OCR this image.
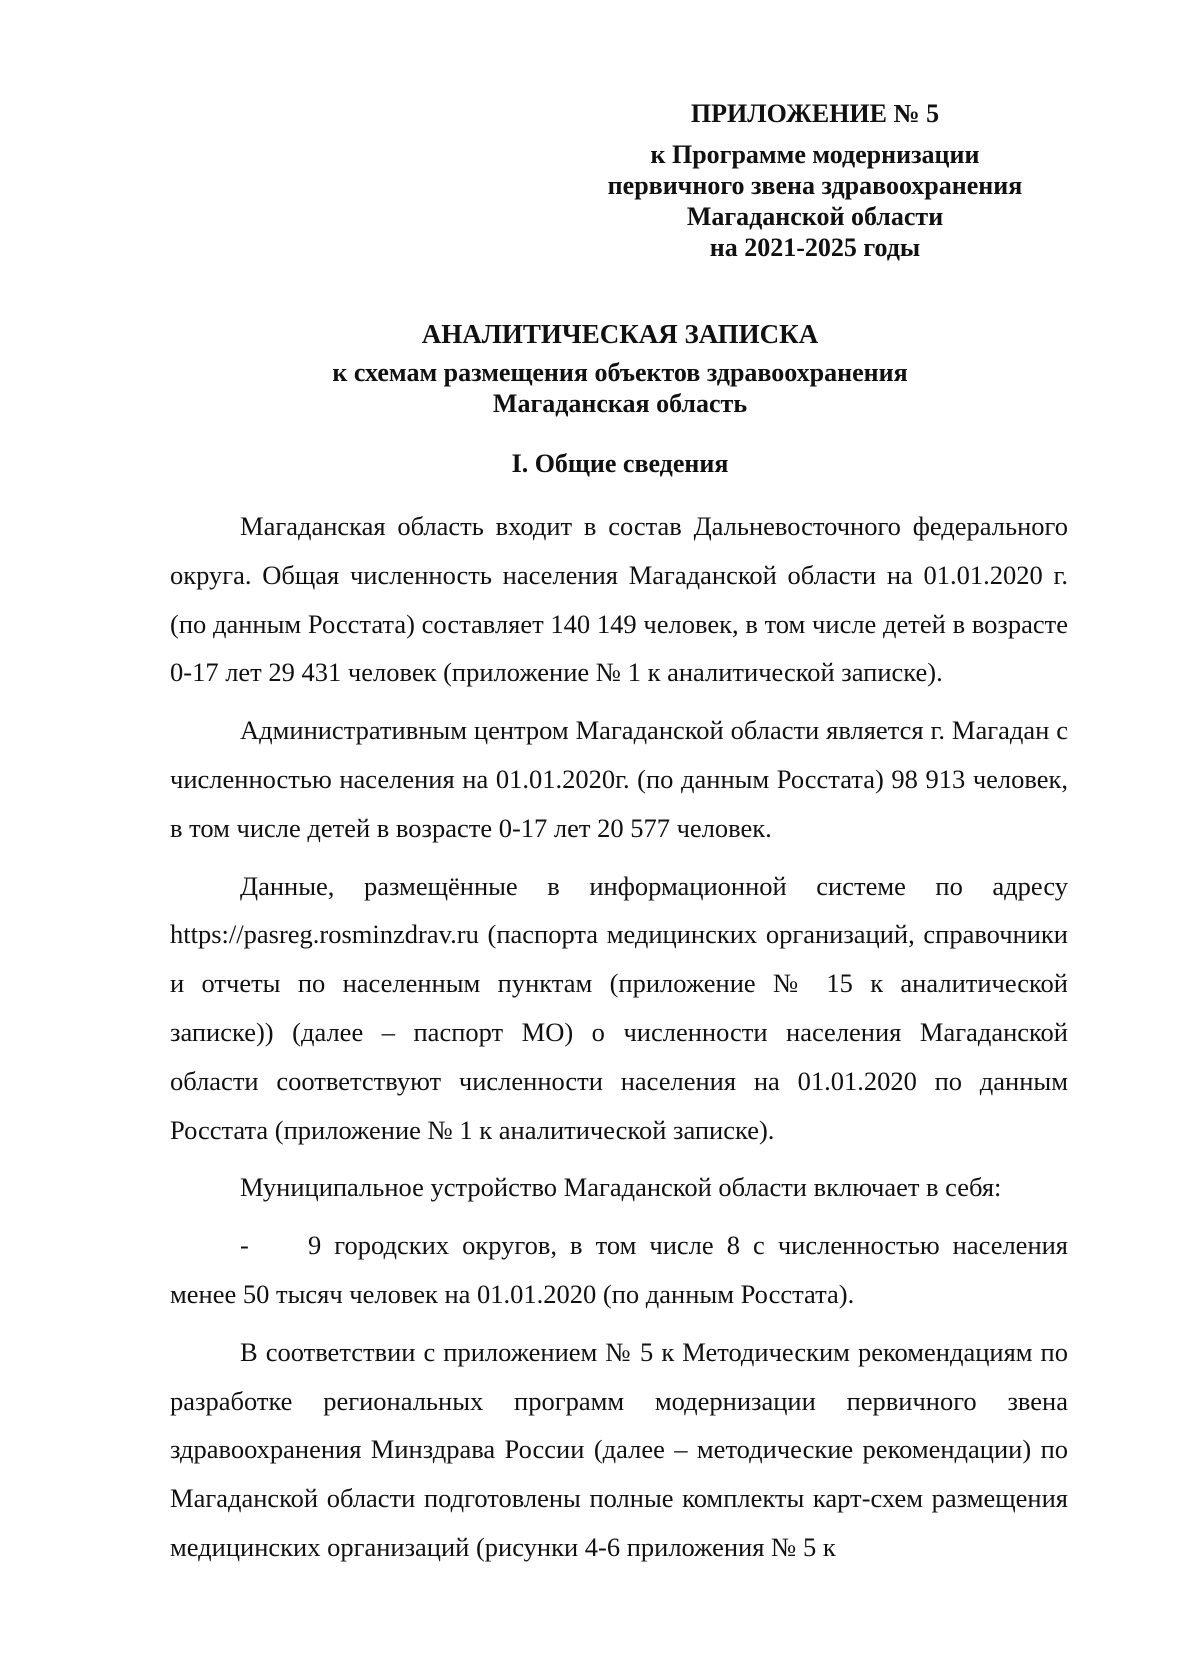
ПРИЛОЖЕНИЕ № 5
к Программе модернизации
первичного звена здравоохранения
Магаданской области
на 2021-2025 годы
АНАЛИТИЧЕСКАЯ ЗАПИСКА
к схемам размещения объектов здравоохранения
Магаданская область
I. Общие сведения

Магаданская область входит в состав Дальневосточного федерального округа. Общая численность населения Магаданской области на 01.01.2020 г. (по данным Росстата) составляет 140 149 человек, в том числе детей в возрасте 0-17 лет 29 431 человек (приложение № 1 к аналитической записке).

Административным центром Магаданской области является г. Магадан с численностью населения на 01.01.2020г. (по данным Росстата) 98 913 человек, в том числе детей в возрасте 0-17 лет 20 577 человек.

Данные, размещённые в информационной системе по адресу https://pasreg.rosminzdrav.ru (паспорта медицинских организаций, справочники и отчеты по населенным пунктам (приложение № 15 к аналитической записке)) (далее – паспорт МО) о численности населения Магаданской области соответствуют численности населения на 01.01.2020 по данным Росстата (приложение № 1 к аналитической записке).

Муниципальное устройство Магаданской области включает в себя:

- 9 городских округов, в том числе 8 с численностью населения менее 50 тысяч человек на 01.01.2020 (по данным Росстата).

В соответствии с приложением № 5 к Методическим рекомендациям по разработке региональных программ модернизации первичного звена здравоохранения Минздрава России (далее – методические рекомендации) по Магаданской области подготовлены полные комплекты карт-схем размещения медицинских организаций (рисунки 4-6 приложения № 5 к
